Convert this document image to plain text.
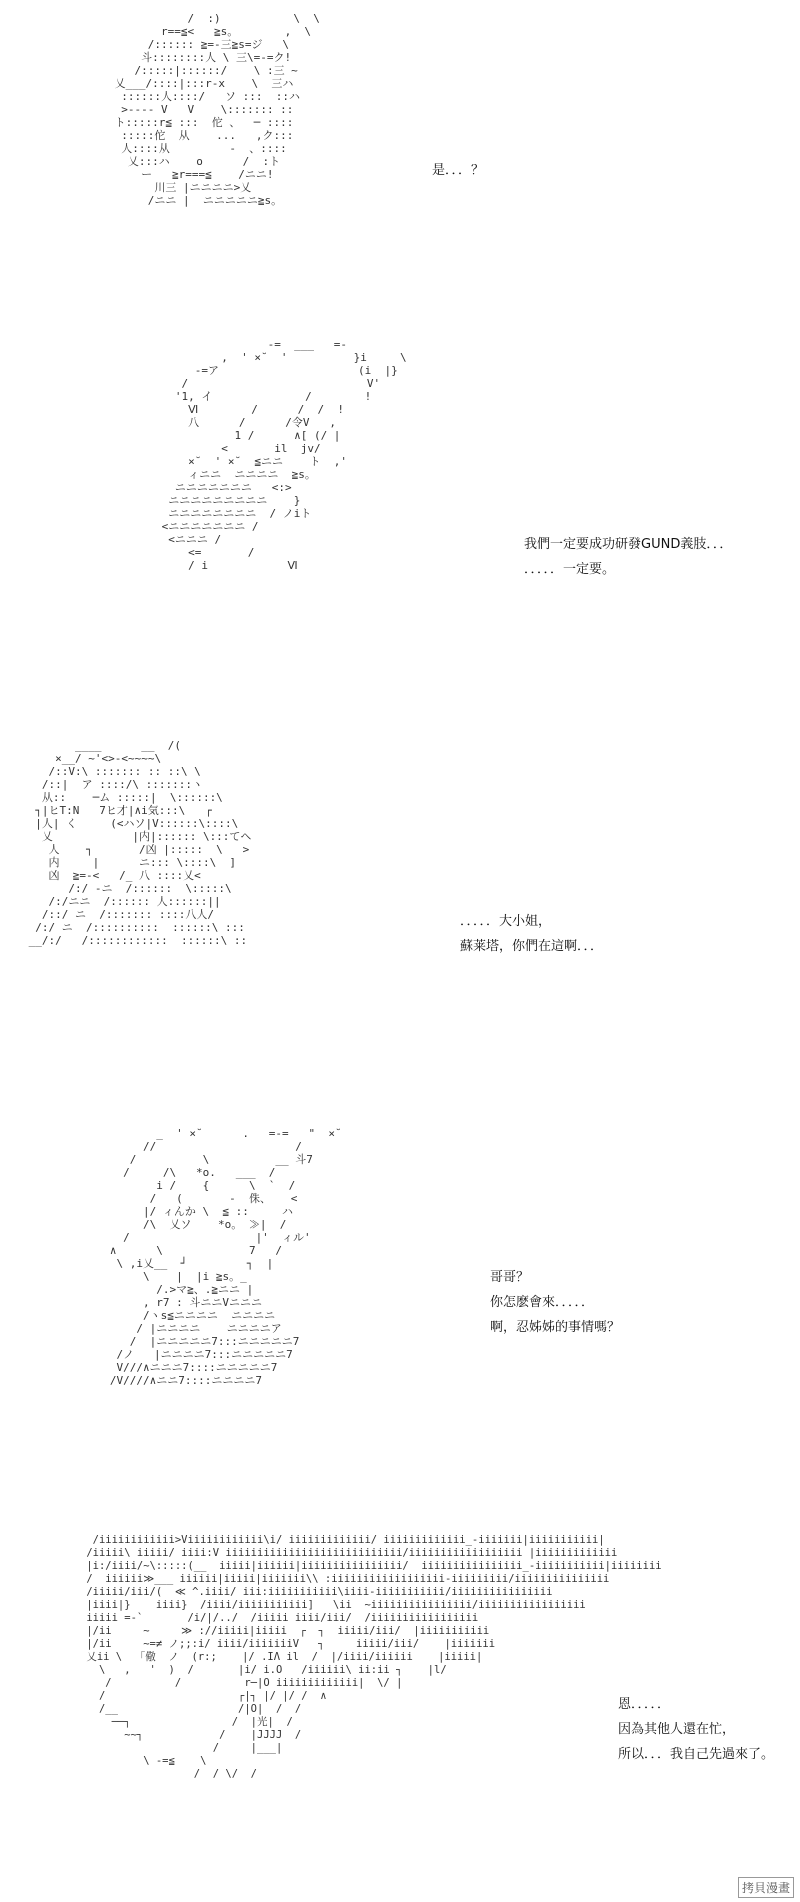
/  :)           \  \
r==≦<   ≧s。       ,  \
/:::::: ≧=-三≧s=ジ   \
斗::::::::人 \ 三\=-=ク!
/:::::|::::::/    \ :三 ~
乂___/::::|:::r-x    \  三ハ
::::::人::::/   ソ :::  ::ハ
>---- V   V    \::::::: ::
ト:::::r≦ :::  佗 、  ─ ::::
:::::佗  从    ...   ,ク:::
人::::从         -  、::::
乂:::ハ    o      /  :ト
ー   ≧r===≦    /ニニ!
川三 |ニニニニ>乂
/ニニ |  ニニニニニ≧s。
是．．．？
-=  ___   =-
,  ' ×˘  '          }i     \
-=ア                     (i  |}
/                           V'
'1, イ              /        !
Ⅵ        /      /  /  !
八      /      /令V   ,
1 /      ∧[ (/ |
<       il  jv/
×˘  ' ×˘  ≦ニニ    ト  ,'
ィニニ  ニニニニ  ≧s。
ニニニニニニニ   <:>
ニニニニニニニニニ    }
ニニニニニニニニ  / ノiト
<ニニニニニニニ /
<ニニニ /
<=       /
/ i            Ⅵ
我們一定要成功研發GUND義肢．．．
．．．．．一定要。
____      __  /(
×__/ ~'<>-<~~~~\
/::V:\ ::::::: :: ::\ \
/::|  ア ::::/\ :::::::ヽ
从::    ─ム :::::|  \::::::\
┐|ヒT:N   7ヒ才|∧i気:::\   ┌
|人| く     (<ハソ|V::::::\::::\
乂            |内|:::::: \:::てヘ
人    ┐       /凶 |:::::  \   >
内     |      ニ::: \::::\  ]
凶  ≧=-<   /_ 八 ::::乂<
/:/ -ニ  /::::::  \:::::\
/:/ニニ  /:::::: 人::::::||
/::/ ニ  /::::::: ::::八人/
/:/ ニ  /::::::::::  ::::::\ :::
__/:/   /::::::::::::  ::::::\ ::
．．．．．大小姐，
蘇莱塔，你們在這啊．．．
_  ' ×˘      .   =-=   "  ×˘
//                     /
/          \          __ 斗7
/     /\   *o.   ___  /
i /    {      \  `  /
/   (       -  侏、   <
|/ ィんか \  ≦ ::     ハ
/\  乂ソ    *o。 ≫|  /
/                   |'  ィル'
∧      \             7   /
\ ,i乂__  ┘         ┐  |
\    |  |i ≧s。_
/.>マ≧、.≧ニニ |
, r7 : 斗ニニVニニニ
/ヽs≦ニニニニ  ニニニニ
/ |ニニニニ    ニニニニア
/  |ニニニニニ7:::ニニニニニ7
/ノ   |ニニニニ7:::ニニニニニ7
V///∧ニニニ7::::ニニニニニ7
/V////∧ニニ7::::ニニニニ7
哥哥？
你怎麽會來．．．．．
啊，忍姊姊的事情嗎？
/iiiiiiiiiiii>Viiiiiiiiiiii\i/ iiiiiiiiiiiii/ iiiiiiiiiiiii_-iiiiiii|iiiiiiiiiii|
/iiiii\ iiiii/ iiii:V iiiiiiiiiiiiiiiiiiiiiiiiiiii/iiiiiiiiiiiiiiiiii |iiiiiiiiiiiii
|i:/iiii/~\:::::(__  iiiii|iiiiii|iiiiiiiiiiiiiiii/  iiiiiiiiiiiiiiii_-iiiiiiiiiii|iiiiiiii
/  iiiiii≫___ iiiiii|iiiii|iiiiiii\\ :iiiiiiiiiiiiiiiiii-iiiiiiiii/iiiiiiiiiiiiiii
/iiiii/iii/(  ≪ ^.iiii/ iii:iiiiiiiiiii\iiii-iiiiiiiiiii/iiiiiiiiiiiiiiii
|iiii|}    iiii}  /iiii/iiiiiiiiiii]   \ii  ~iiiiiiiiiiiiiiii/iiiiiiiiiiiiiiiii
iiiii =-`       /i/|/../  /iiiii iiii/iii/  /iiiiiiiiiiiiiiiii
|/ii     ~     ≫ ://iiiii|iiiii  ┌  ┐  iiiii/iii/  |iiiiiiiiiii
|/ii     ~=≠ ノ;;:i/ iiii/iiiiiiiV   ┐     iiiii/iii/    |iiiiiii
乂ii \  「儆  ノ  (r:;    |/ .IΛ il  /  |/iiii/iiiiii    |iiiii|
\   ,   '  )  /       |i/ i.O   /iiiiii\ ii:ii ┐    |l/
/          /          r─|O iiiiiiiiiiiii|  \/ |
/                     ┌|┐ |/ |/ /  ∧
/__                   /|O|  /  /
──┐                /  |光|  /
~~┐            /    |JJJJ  /
/     |___|
\ -=≦    \
/  / \/  /
恩．．．．．
因為其他人還在忙，
所以．．．我自己先過來了。
拷貝漫畫
